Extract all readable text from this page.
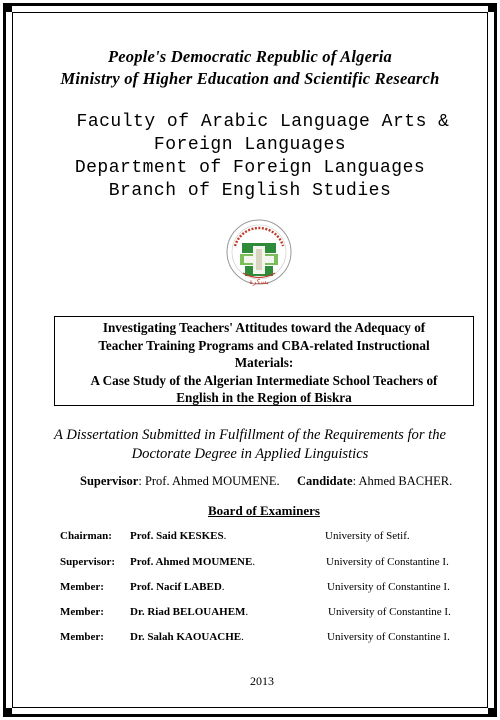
People's Democratic Republic of Algeria
Ministry of Higher Education and Scientific Research
Faculty of Arabic Language Arts &
Foreign Languages
Department of Foreign Languages
Branch of English Studies
بسكرة
Investigating Teachers' Attitudes toward the Adequacy of
Teacher Training Programs and CBA-related Instructional
Materials:
A Case Study of the Algerian Intermediate School Teachers of
English in the Region of Biskra
A Dissertation Submitted in Fulfillment of the Requirements for the
Doctorate Degree in Applied Linguistics
Supervisor: Prof. Ahmed MOUMENE. Candidate: Ahmed BACHER.
Board of Examiners
Chairman: Prof. Said KESKES.	University of Setif.
Supervisor: Prof. Ahmed MOUMENE.	University of Constantine I.
Member: Prof. Nacif LABED.	University of Constantine I.
Member: Dr. Riad BELOUAHEM.	University of Constantine I.
Member: Dr. Salah KAOUACHE.	University of Constantine I.
2013
